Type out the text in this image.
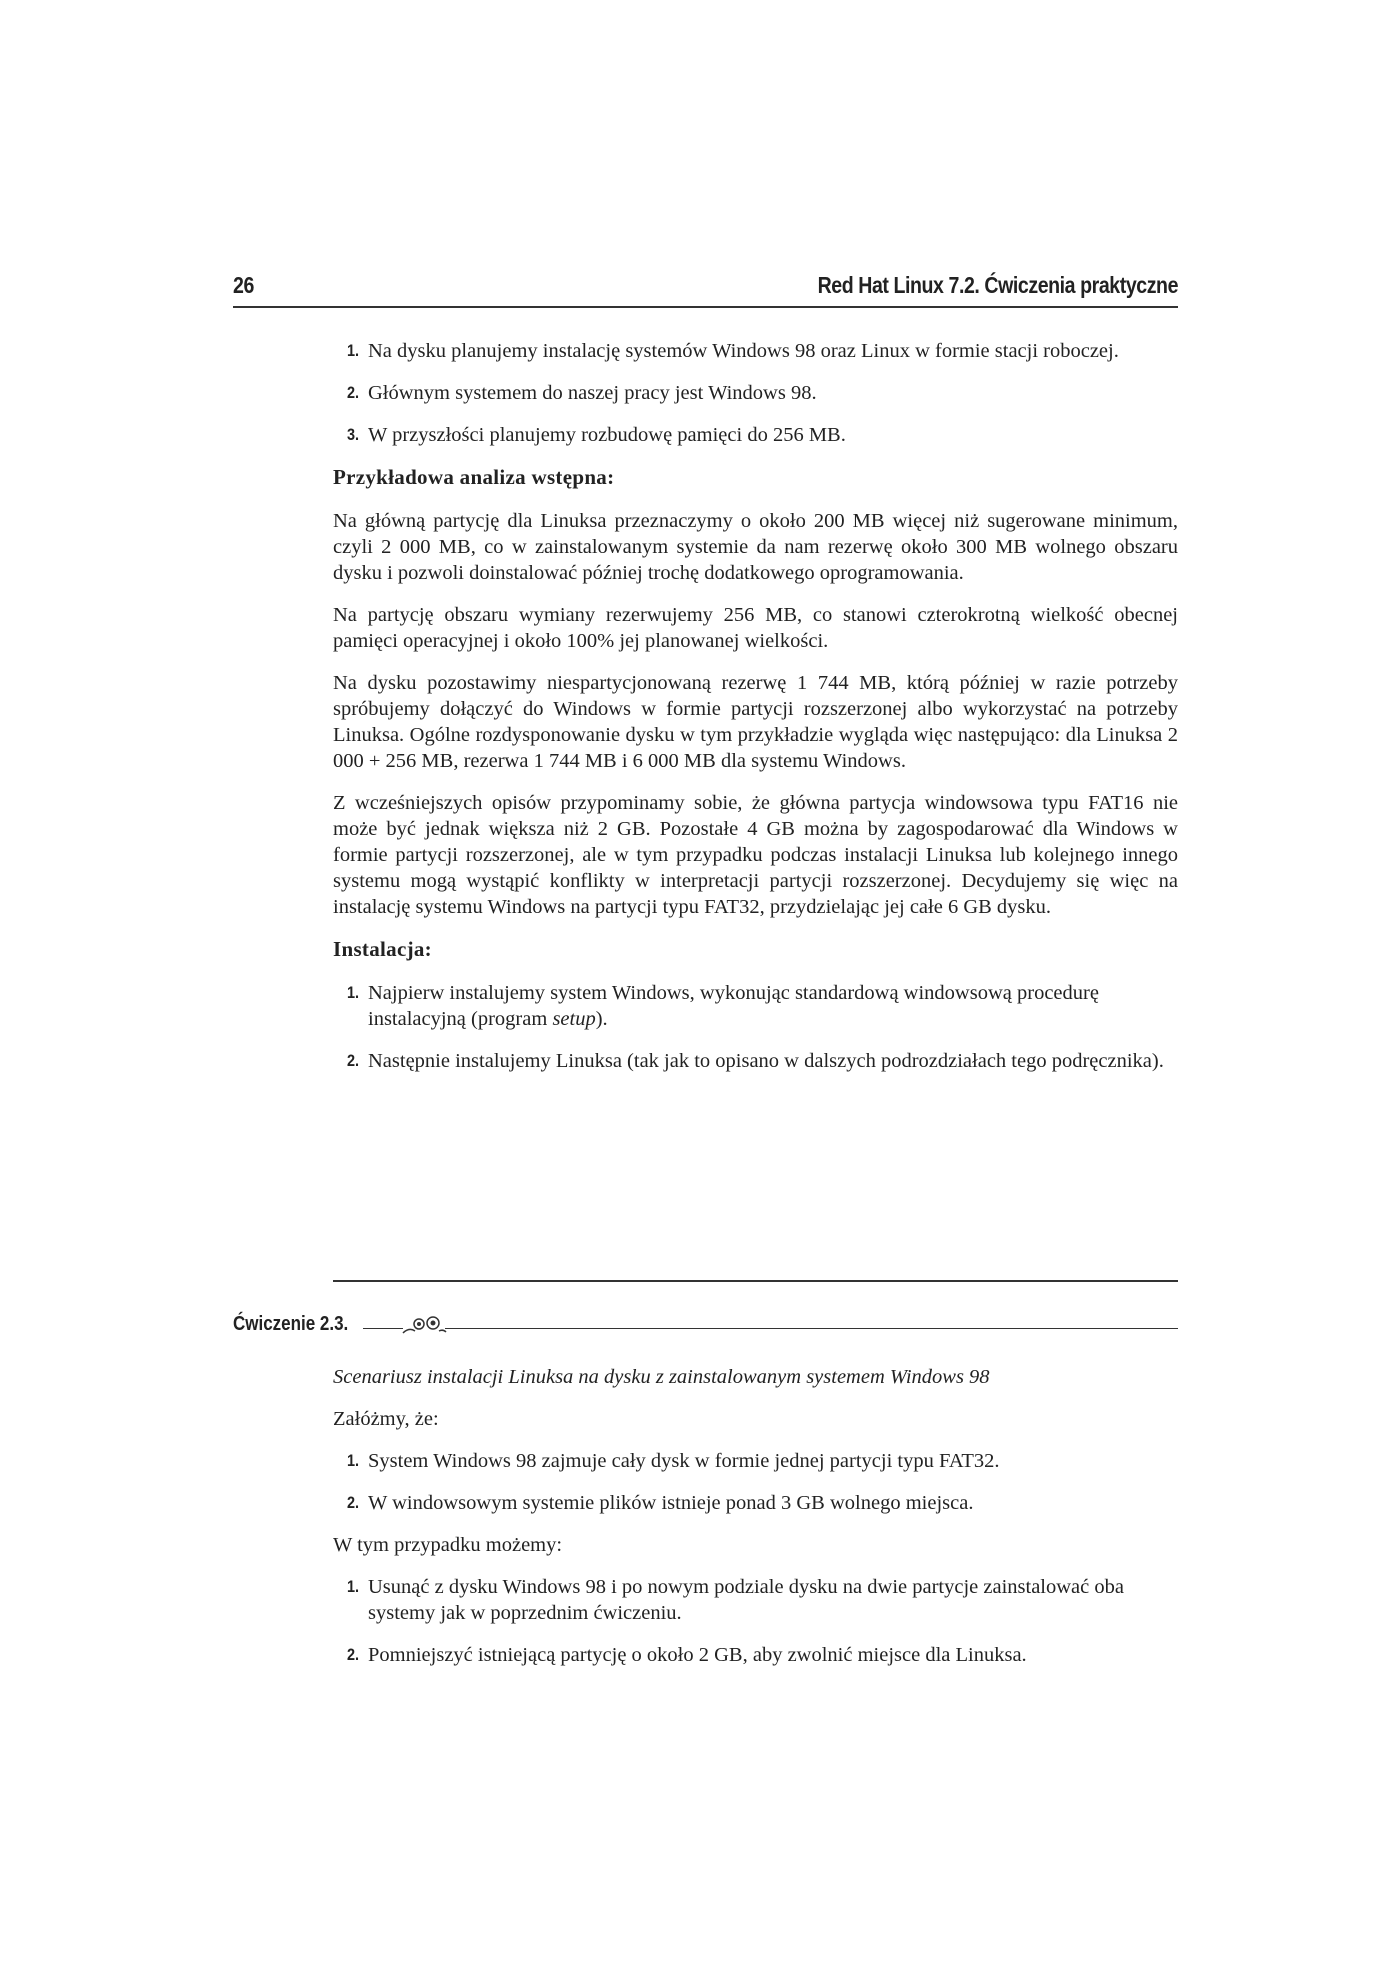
26	Red Hat Linux 7.2. Ćwiczenia praktyczne
1. Na dysku planujemy instalację systemów Windows 98 oraz Linux w formie stacji roboczej.
2. Głównym systemem do naszej pracy jest Windows 98.
3. W przyszłości planujemy rozbudowę pamięci do 256 MB.
Przykładowa analiza wstępna:

Na główną partycję dla Linuksa przeznaczymy o około 200 MB więcej niż sugerowane minimum, czyli 2 000 MB, co w zainstalowanym systemie da nam rezerwę około 300 MB wolnego obszaru dysku i pozwoli doinstalować później trochę dodatkowego oprogramowania.

Na partycję obszaru wymiany rezerwujemy 256 MB, co stanowi czterokrotną wielkość obecnej pamięci operacyjnej i około 100% jej planowanej wielkości.

Na dysku pozostawimy niespartycjonowaną rezerwę 1 744 MB, którą później w razie potrzeby spróbujemy dołączyć do Windows w formie partycji rozszerzonej albo wykorzystać na potrzeby Linuksa. Ogólne rozdysponowanie dysku w tym przykładzie wygląda więc następująco: dla Linuksa 2 000 + 256 MB, rezerwa 1 744 MB i 6 000 MB dla systemu Windows.

Z wcześniejszych opisów przypominamy sobie, że główna partycja windowsowa typu FAT16 nie może być jednak większa niż 2 GB. Pozostałe 4 GB można by zagospodarować dla Windows w formie partycji rozszerzonej, ale w tym przypadku podczas instalacji Linuksa lub kolejnego innego systemu mogą wystąpić konflikty w interpretacji partycji rozszerzonej. Decydujemy się więc na instalację systemu Windows na partycji typu FAT32, przydzielając jej całe 6 GB dysku.

Instalacja:
1. Najpierw instalujemy system Windows, wykonując standardową windowsową procedurę instalacyjną (program setup).
2. Następnie instalujemy Linuksa (tak jak to opisano w dalszych podrozdziałach tego podręcznika).
Ćwiczenie 2.3.

Scenariusz instalacji Linuksa na dysku z zainstalowanym systemem Windows 98

Załóżmy, że:

1. System Windows 98 zajmuje cały dysk w formie jednej partycji typu FAT32.
2. W windowsowym systemie plików istnieje ponad 3 GB wolnego miejsca.

W tym przypadku możemy:

1. Usunąć z dysku Windows 98 i po nowym podziale dysku na dwie partycje zainstalować oba systemy jak w poprzednim ćwiczeniu.
2. Pomniejszyć istniejącą partycję o około 2 GB, aby zwolnić miejsce dla Linuksa.
